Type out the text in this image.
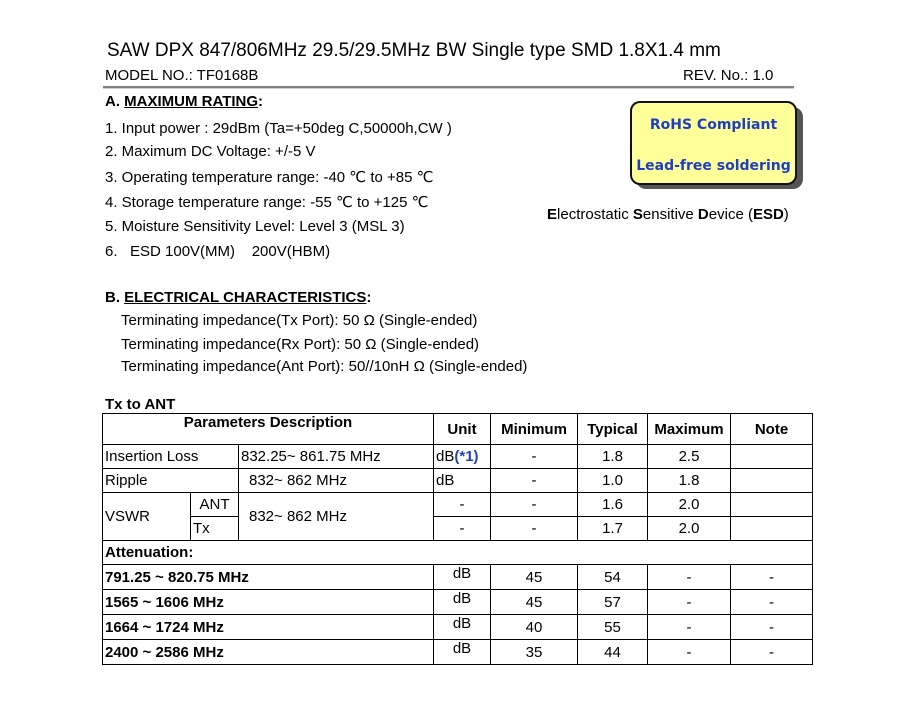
SAW DPX 847/806MHz 29.5/29.5MHz BW Single type SMD 1.8X1.4 mm
MODEL NO.: TF0168B	REV. No.: 1.0
A. MAXIMUM RATING:
1. Input power : 29dBm (Ta=+50deg C,50000h,CW )
2. Maximum DC Voltage: +/-5 V
3. Operating temperature range: -40 ℃ to +85 ℃
4. Storage temperature range: -55 ℃ to +125 ℃
5. Moisture Sensitivity Level: Level 3 (MSL 3)
6.   ESD 100V(MM)    200V(HBM)
RoHS Compliant
Lead-free soldering
Electrostatic Sensitive Device (ESD)
B. ELECTRICAL CHARACTERISTICS:
Terminating impedance(Tx Port): 50 Ω (Single-ended)
Terminating impedance(Rx Port): 50 Ω (Single-ended)
Terminating impedance(Ant Port): 50//10nH Ω (Single-ended)
Tx to ANT
Parameters Description			Unit	Minimum	Typical	Maximum	Note
Insertion Loss		832.25~ 861.75 MHz	dB(*1)	-	1.8	2.5	
Ripple		832~ 862 MHz	dB	-	1.0	1.8	
VSWR	ANT	832~ 862 MHz	-	-	1.6	2.0	
	Tx		-	-	1.7	2.0	
Attenuation:							
791.25 ~ 820.75 MHz			dB	45	54	-	-
1565 ~ 1606 MHz			dB	45	57	-	-
1664 ~ 1724 MHz			dB	40	55	-	-
2400 ~ 2586 MHz			dB	35	44	-	-
